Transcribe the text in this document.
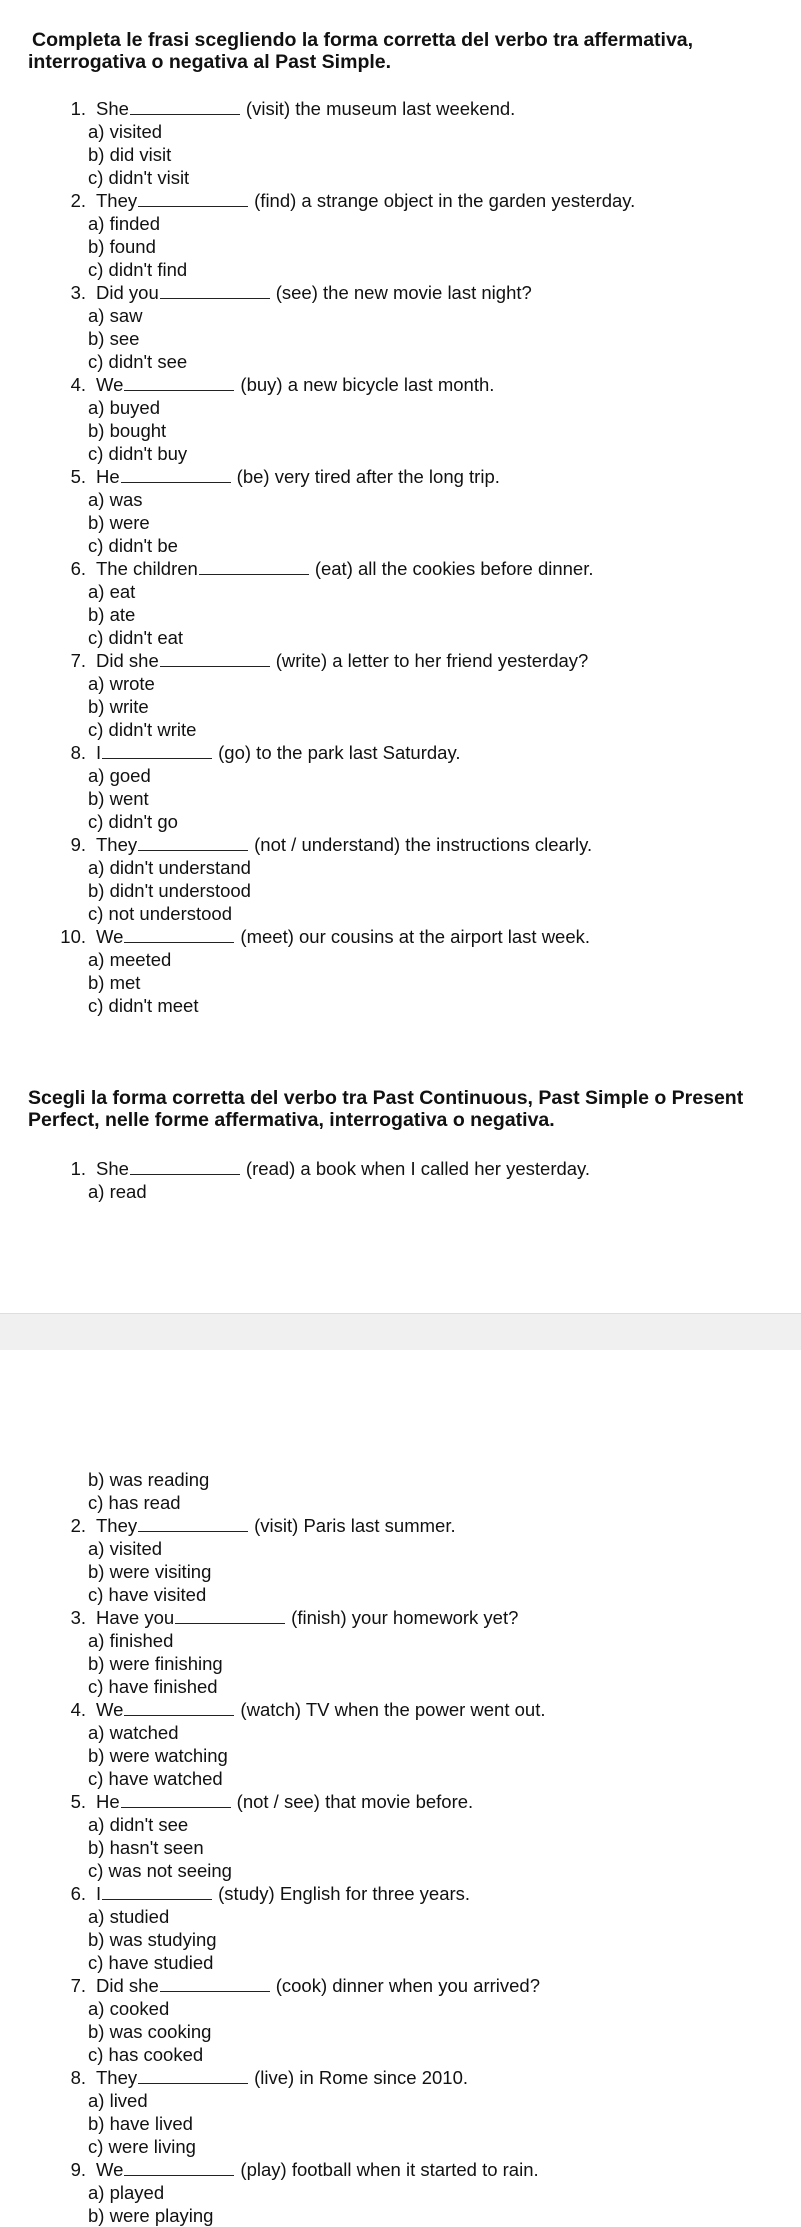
Completa le frasi scegliendo la forma corretta del verbo tra affermativa,
interrogativa o negativa al Past Simple.
Scegli la forma corretta del verbo tra Past Continuous, Past Simple o Present
Perfect, nelle forme affermativa, interrogativa o negativa.
1. She	(visit) the museum last weekend.
a) visited
b) did visit
c) didn't visit
2. They	(find) a strange object in the garden yesterday.
a) finded
b) found
c) didn't find
3. Did you	(see) the new movie last night?
a) saw
b) see
c) didn't see
4. We	(buy) a new bicycle last month.
a) buyed
b) bought
c) didn't buy
5. He	(be) very tired after the long trip.
a) was
b) were
c) didn't be
6. The children	(eat) all the cookies before dinner.
a) eat
b) ate
c) didn't eat
7. Did she	(write) a letter to her friend yesterday?
a) wrote
b) write
c) didn't write
8. I	(go) to the park last Saturday.
a) goed
b) went
c) didn't go
9. They	(not / understand) the instructions clearly.
a) didn't understand
b) didn't understood
c) not understood
10. We	(meet) our cousins at the airport last week.
a) meeted
b) met
c) didn't meet
1. She	(read) a book when I called her yesterday.
a) read
b) was reading
c) has read
2. They	(visit) Paris last summer.
a) visited
b) were visiting
c) have visited
3. Have you	(finish) your homework yet?
a) finished
b) were finishing
c) have finished
4. We	(watch) TV when the power went out.
a) watched
b) were watching
c) have watched
5. He	(not / see) that movie before.
a) didn't see
b) hasn't seen
c) was not seeing
6. I	(study) English for three years.
a) studied
b) was studying
c) have studied
7. Did she	(cook) dinner when you arrived?
a) cooked
b) was cooking
c) has cooked
8. They	(live) in Rome since 2010.
a) lived
b) have lived
c) were living
9. We	(play) football when it started to rain.
a) played
b) were playing
